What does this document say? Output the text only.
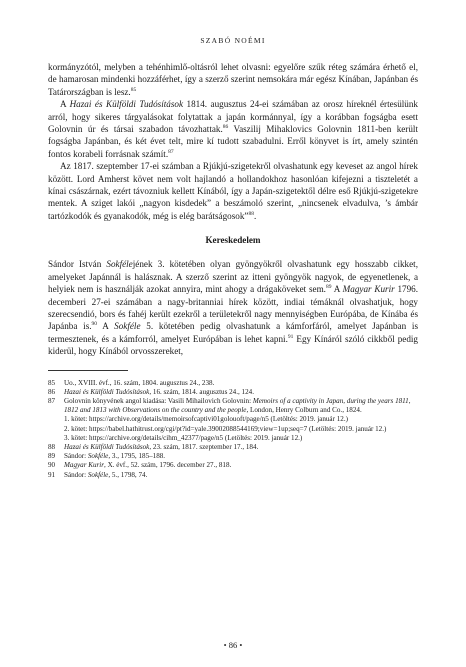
SZABÓ NOÉMI

kormányzótól, melyben a tehénhimlő-oltásról lehet olvasni: egyelőre szűk réteg számára érhető el, de hamarosan mindenki hozzáférhet, így a szerző szerint nemsokára már egész Kínában, Japánban és Tatárországban is lesz.$^{85}$

A Hazai és Külföldi Tudósítások 1814. augusztus 24-ei számában az orosz híreknél értesülünk arról, hogy sikeres tárgyalásokat folytattak a japán kormánnyal, így a korábban fogságba esett Golovnin úr és társai szabadon távozhattak.$^{86}$ Vaszilij Mihaklovics Golovnin 1811-ben került fogságba Japánban, és két évet telt, mire kí tudott szabadulni. Erről könyvet is írt, amely szintén fontos korabeli forrásnak számít.$^{87}$

Az 1817. szeptember 17-ei számban a Rjúkjú-szigetekről olvashatunk egy keveset az angol hírek között. Lord Amherst követ nem volt hajlandó a hollandokhoz hasonlóan kifejezni a tiszteletét a kínai császárnak, ezért távozniuk kellett Kínából, így a Japán-szigetektől délre eső Rjúkjú-szigetekre mentek. A sziget lakói „nagyon kisdedek” a beszámoló szerint, „nincsenek elvadulva, ’s ámbár tartózkodók és gyanakodók, még is elég barátságosok”$^{88}$.

Kereskedelem

Sándor István Sokfélejének 3. kötetében olyan gyöngyökről olvashatunk egy hosszabb cikket, amelyeket Japánnál is halásznak. A szerző szerint az itteni gyöngyök nagyok, de egyenetlenek, a helyiek nem is használják azokat annyira, mint ahogy a drágaköveket sem.$^{89}$ A Magyar Kurir 1796. decemberi 27-ei számában a nagy-britanniai hírek között, indiai témáknál olvashatjuk, hogy szerecsendió, bors és fahéj került ezekről a területekről nagy mennyiségben Európába, de Kínába és Japánba is.$^{90}$ A Sokféle 5. kötetében pedig olvashatunk a kámforfáról, amelyet Japánban is termesztenek, és a kámforról, amelyet Európában is lehet kapni.$^{91}$ Egy Kínáról szóló cikkből pedig kiderül, hogy Kínából orvosszereket,

85 Uo., XVIII. évf., 16. szám, 1804. augusztus 24., 238.

86 Hazai és Külföldi Tudósítások, 16. szám, 1814. augusztus 24., 124.

87 Golovnin könyvének angol kiadása: Vasili Mihailovich Golovnin: Memoirs of a captivity in Japan, during the years 1811, 1812 and 1813 with Observations on the country and the people, London, Henry Colburn and Co., 1824.

1. kötet: https://archive.org/details/memoirsofcaptivi01golouoft/page/n5 (Letöltés: 2019. január 12.)

2. kötet: https://babel.hathitrust.org/cgi/pt?id=yale.39002088544169;view=1up;seq=7 (Letöltés: 2019. január 12.)

3. kötet: https://archive.org/details/cihm_42377/page/n5 (Letöltés: 2019. január 12.)

88 Hazai és Külföldi Tudósítások, 23. szám, 1817. szeptember 17., 184.

89 Sándor: Sokféle, 3., 1795, 185–188.

90 Magyar Kurir, X. évf., 52. szám, 1796. december 27., 818.

91 Sándor: Sokféle, 5., 1798, 74.

• 86 •
